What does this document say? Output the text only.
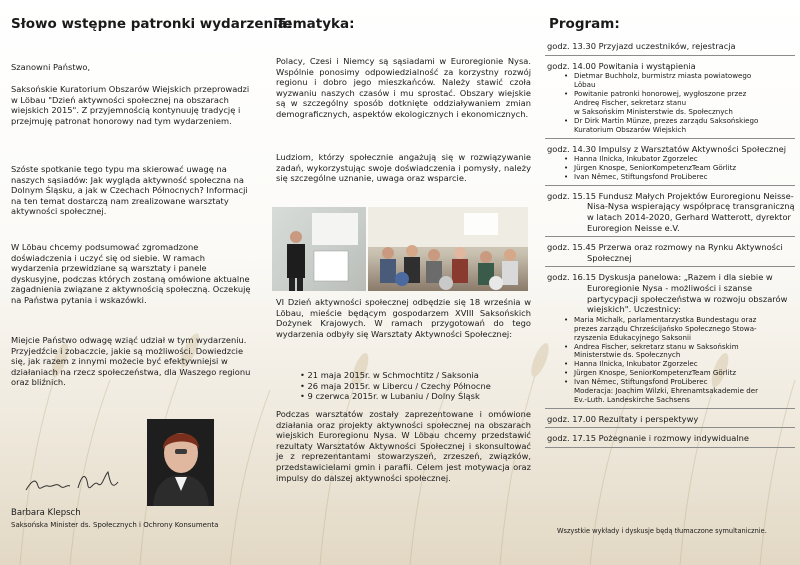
Słowo wstępne patronki wydarzenia:
Szanowni Państwo,
Saksońskie Kuratorium Obszarów Wiejskich przeprowadzi w Löbau "Dzień aktywności społecznej na obszarach wiejskich 2015". Z przyjemnością kontynuuję tradycję i przejmuję patronat honorowy nad tym wydarzeniem.
Szóste spotkanie tego typu ma skierować uwagę na naszych sąsiadów: Jak wygląda aktywność społeczna na Dolnym Śląsku, a jak w Czechach Północnych? Informacji na ten temat dostarczą nam zrealizowane warsztaty aktywności społecznej.
W Löbau chcemy podsumować zgromadzone doświadczenia i uczyć się od siebie. W ramach wydarzenia przewidziane są warsztaty i panele dyskusyjne, podczas których zostaną omówione aktualne zagadnienia związane z aktywnością społeczną. Oczekuję na Państwa pytania i wskazówki.
Miejcie Państwo odwagę wziąć udział w tym wydarzeniu. Przyjedźcie i zobaczcie, jakie są możliwości. Dowiedzcie się, jak razem z innymi możecie być efektywniejsi w działaniach na rzecz społeczeństwa, dla Waszego regionu oraz bliźnich.
Barbara Klepsch
Saksońska Minister ds. Społecznych i Ochrony Konsumenta
Tematyka:
Polacy, Czesi i Niemcy są sąsiadami w Euroregionie Nysa. Wspólnie ponosimy odpowiedzialność za korzystny rozwój regionu i dobro jego mieszkańców. Należy stawić czoła wyzwaniu naszych czasów i mu sprostać. Obszary wiejskie są w szczególny sposób dotknięte oddziaływaniem zmian demograficznych, aspektów ekologicznych i ekonomicznych.
Ludziom, którzy społecznie angażują się w rozwiązywanie zadań, wykorzystując swoje doświadczenia i pomysły, należy się szczególne uznanie, uwaga oraz wsparcie.
VI Dzień aktywności społecznej odbędzie się 18 września w Löbau, mieście będącym gospodarzem XVIII Saksońskich Dożynek Krajowych. W ramach przygotowań do tego wydarzenia odbyły się Warsztaty Aktywności Społecznej:
• 21 maja 2015r. w Schmochtitz / Saksonia
• 26 maja 2015r. w Libercu / Czechy Północne
• 9 czerwca 2015r. w Lubaniu / Dolny Śląsk
Podczas warsztatów zostały zaprezentowane i omówione działania oraz projekty aktywności społecznej na obszarach wiejskich Euroregionu Nysa. W Löbau chcemy przedstawić rezultaty Warsztatów Aktywności Społecznej i skonsultować je z reprezentantami stowarzyszeń, zrzeszeń, związków, przedstawicielami gmin i parafii. Celem jest motywacja oraz impulsy do dalszej aktywności społecznej.
Program:
godz. 13.30 Przyjazd uczestników, rejestracja
godz. 14.00 Powitania i wystąpienia
• Dietmar Buchholz, burmistrz miasta powiatowego
Löbau
• Powitanie patronki honorowej, wygłoszone przez
Andreę Fischer, sekretarz stanu
w Saksońskim Ministerstwie ds. Społecznych
• Dr Dirk Martin Münze, prezes zarządu Saksońskiego
Kuratorium Obszarów Wiejskich
godz. 14.30 Impulsy z Warsztatów Aktywności Społecznej
• Hanna Ilnicka, Inkubator Zgorzelec
• Jürgen Knospe, SeniorKompetenzTeam Görlitz
• Ivan Němec, Stiftungsfond ProLiberec
godz. 15.15 Fundusz Małych Projektów Euroregionu Neisse-Nisa-Nysa wspierający współpracę transgraniczną w latach 2014-2020, Gerhard Watterott, dyrektor Euroregion Neisse e.V.
godz. 15.45 Przerwa oraz rozmowy na Rynku Aktywności Społecznej
godz. 16.15 Dyskusja panelowa: „Razem i dla siebie w Euroregionie Nysa - możliwości i szanse partycypacji społeczeństwa w rozwoju obszarów wiejskich". Uczestnicy:
• Maria Michalk, parlamentarzystka Bundestagu oraz
prezes zarządu Chrześcijańsko Społecznego Stowa-
rzyszenia Edukacyjnego Saksonii
• Andrea Fischer, sekretarz stanu w Saksońskim
Ministerstwie ds. Społecznych
• Hanna Ilnicka, Inkubator Zgorzelec
• Jürgen Knospe, SeniorKompetenzTeam Görlitz
• Ivan Němec, Stiftungsfond ProLiberec
Moderacja: Joachim Wilzki, Ehrenamtsakademie der
Ev.-Luth. Landeskirche Sachsens
godz. 17.00 Rezultaty i perspektywy
godz. 17.15 Pożegnanie i rozmowy indywidualne
Wszystkie wykłady i dyskusje będą tłumaczone symultanicznie.
